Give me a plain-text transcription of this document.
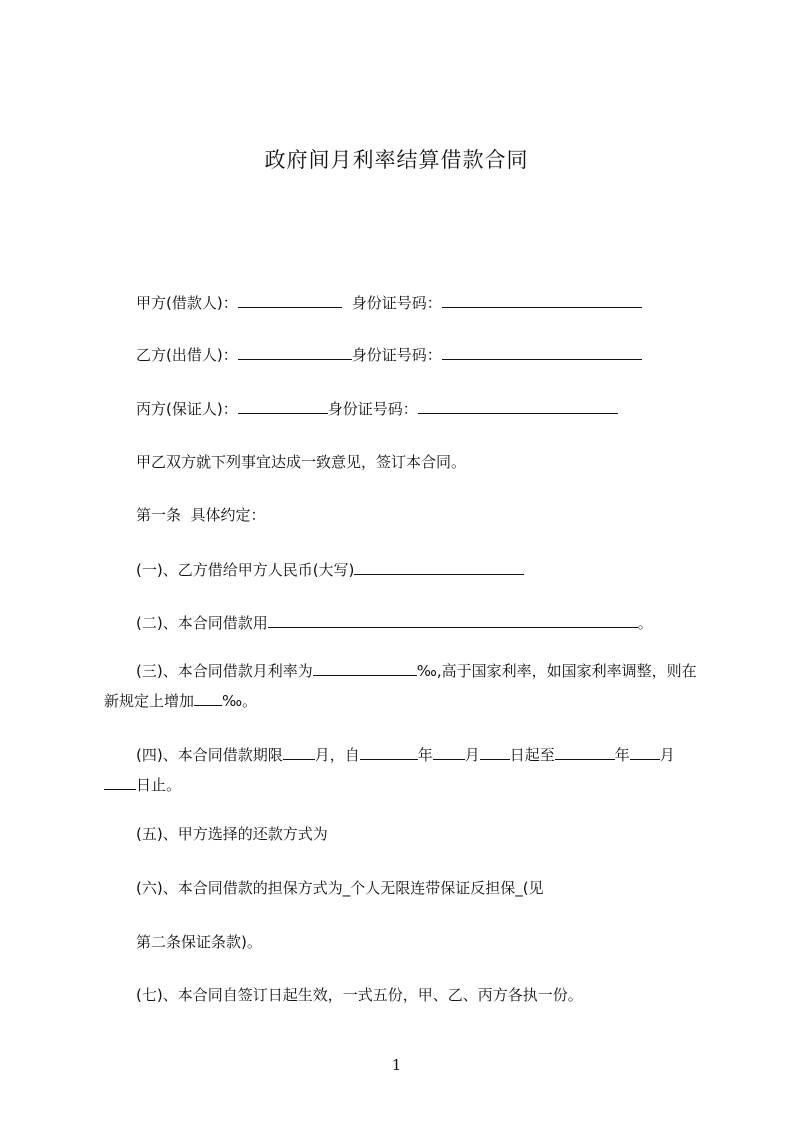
政府间月利率结算借款合同
甲方(借款人)：	身份证号码：
乙方(出借人)：	身份证号码：
丙方(保证人)：	身份证号码：
甲乙双方就下列事宜达成一致意见，签订本合同。
第一条  具体约定：
(一)、乙方借给甲方人民币(大写)
(二)、本合同借款用	。
(三)、本合同借款月利率为	‰,高于国家利率，如国家利率调整，则在新规定上增加 ‰。
(四)、本合同借款期限 月，自	年 月 日起至	年 月日止。
(五)、甲方选择的还款方式为
(六)、本合同借款的担保方式为_个人无限连带保证反担保_(见
第二条保证条款)。
(七)、本合同自签订日起生效，一式五份，甲、乙、丙方各执一份。
1
